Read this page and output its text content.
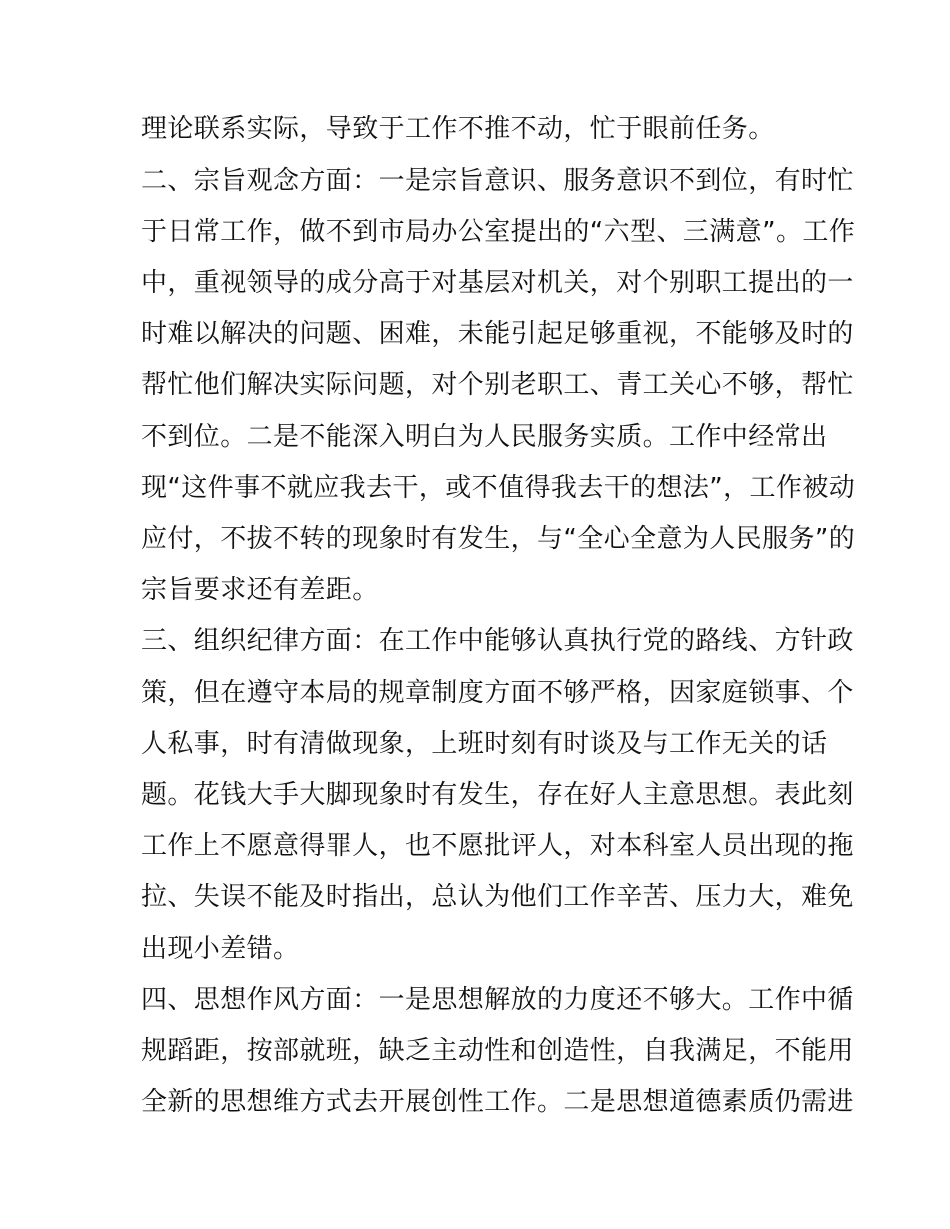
理论联系实际，导致于工作不推不动，忙于眼前任务。

二、宗旨观念方面：一是宗旨意识、服务意识不到位，有时忙

于日常工作，做不到市局办公室提出的“六型、三满意”。工作

中，重视领导的成分高于对基层对机关，对个别职工提出的一

时难以解决的问题、困难，未能引起足够重视，不能够及时的

帮忙他们解决实际问题，对个别老职工、青工关心不够，帮忙

不到位。二是不能深入明白为人民服务实质。工作中经常出

现“这件事不就应我去干，或不值得我去干的想法”，工作被动

应付，不拔不转的现象时有发生，与“全心全意为人民服务”的

宗旨要求还有差距。

三、组织纪律方面：在工作中能够认真执行党的路线、方针政

策，但在遵守本局的规章制度方面不够严格，因家庭锁事、个

人私事，时有清做现象，上班时刻有时谈及与工作无关的话

题。花钱大手大脚现象时有发生，存在好人主意思想。表此刻

工作上不愿意得罪人，也不愿批评人，对本科室人员出现的拖

拉、失误不能及时指出，总认为他们工作辛苦、压力大，难免

出现小差错。

四、思想作风方面：一是思想解放的力度还不够大。工作中循

规蹈距，按部就班，缺乏主动性和创造性，自我满足，不能用

全新的思想维方式去开展创性工作。二是思想道德素质仍需进
